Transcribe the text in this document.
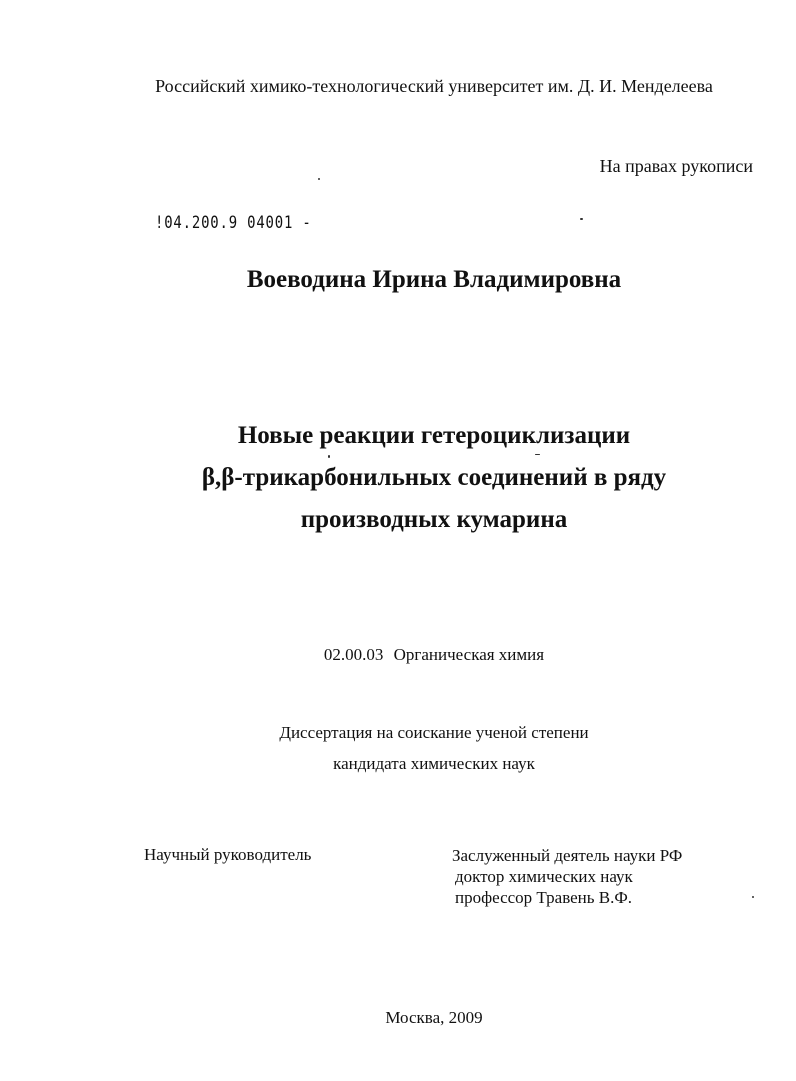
Российский химико-технологический университет им. Д. И. Менделеева
На правах рукописи
!04.200.9 04001 -
Воеводина Ирина Владимировна
Новые реакции гетероциклизации
β,β-трикарбонильных соединений в ряду
производных кумарина
02.00.03 Органическая химия
Диссертация на соискание ученой степени
кандидата химических наук
Научный руководитель	Заслуженный деятель науки РФ
доктор химических наук
профессор Травень В.Ф.
Москва, 2009
